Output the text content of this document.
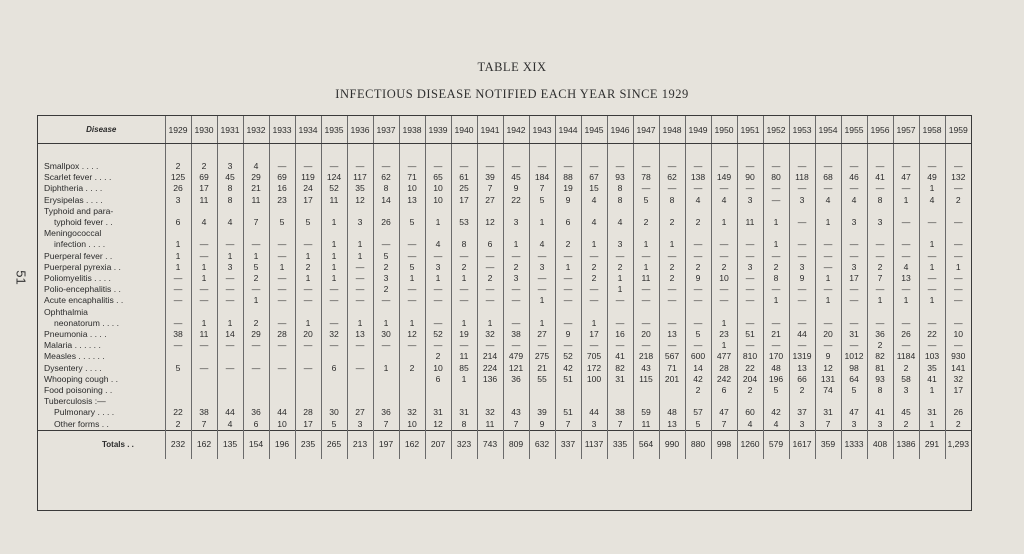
51
TABLE XIX
INFECTIOUS DISEASE NOTIFIED EACH YEAR SINCE 1929
Disease	1929	1930	1931	1932	1933	1934	1935	1936	1937	1938	1939	1940	1941	1942	1943	1944	1945	1946	1947	1948	1949	1950	1951	1952	1953	1954	1955	1956	1957	1958	1959

Smallpox . . . .	2	2	3	4	—	—	—	—	—	—	—	—	—	—	—	—	—	—	—	—	—	—	—	—	—	—	—	—	—	—	—
Scarlet fever . . . .	125	69	45	29	69	119	124	117	62	71	65	61	39	45	184	88	67	93	78	62	138	149	90	80	118	68	46	41	47	49	132
Diphtheria . . . .	26	17	8	21	16	24	52	35	8	10	10	25	7	9	7	19	15	8	—	—	—	—	—	—	—	—	—	—	—	1	—
Erysipelas . . . .	3	11	8	11	23	17	11	12	14	13	10	17	27	22	5	9	4	8	5	8	4	4	3	—	3	4	4	8	1	4	2
Typhoid and para-																															
typhoid fever . .	6	4	4	7	5	5	1	3	26	5	1	53	12	3	1	6	4	4	2	2	2	1	11	1	—	1	3	3	—	—	—
Meningococcal																															
infection . . . .	1	—	—	—	—	—	1	1	—	—	4	8	6	1	4	2	1	3	1	1	—	—	—	1	—	—	—	—	—	1	—
Puerperal fever . .	1	—	1	1	—	1	1	1	5	—	—	—	—	—	—	—	—	—	—	—	—	—	—	—	—	—	—	—	—	—	—
Puerperal pyrexia . .	1	1	3	5	1	2	1	—	2	5	3	2	—	2	3	1	2	2	1	2	2	2	3	2	3	—	3	2	4	1	1
Poliomyelitis . . . .	—	1	—	2	—	1	1	—	3	1	1	1	2	3	—	—	2	1	11	2	9	10	—	8	9	1	17	7	13	—	—
Polio-encephalitis . .	—	—	—	—	—	—	—	—	2	—	—	—	—	—	—	—	—	1	—	—	—	—	—	—	—	—	—	—	—	—	—
Acute encaphalitis . .	—	—	—	1	—	—	—	—	—	—	—	—	—	—	1	—	—	—	—	—	—	—	—	1	—	1	—	1	1	1	—
Ophthalmia																															
neonatorum . . . .	—	1	1	2	—	1	—	1	1	1	—	1	1	—	1	—	1	—	—	—	—	1	—	—	—	—	—	—	—	—	—
Pneumonia . . . .	38	11	14	29	28	20	32	13	30	12	52	19	32	38	27	9	17	16	20	13	5	23	51	21	44	20	31	36	26	22	10
Malaria . . . . . .	—	—	—	—	—	—	—	—	—	—	—	—	—	—	—	—	—	—	—	—	—	1	—	—	—	—	—	2	—	—	—
Measles . . . . . .											2	11	214	479	275	52	705	41	218	567	600	477	810	170	1319	9	1012	82	1184	103	930
Dysentery . . . .	5	—	—	—	—	—	6	—	1	2	10	85	224	121	21	42	172	82	43	71	14	28	22	48	13	12	98	81	2	35	141
Whooping cough . .											6	1	136	36	55	51	100	31	115	201	42	242	204	196	66	131	64	93	58	41	32
Food poisoning . .																					2	6	2	5	2	74	5	8	3	1	17
Tuberculosis :—																															
Pulmonary . . . .	22	38	44	36	44	28	30	27	36	32	31	31	32	43	39	51	44	38	59	48	57	47	60	42	37	31	47	41	45	31	26
Other forms . .	2	7	4	6	10	17	5	3	7	10	12	8	11	7	9	7	3	7	11	13	5	7	4	4	3	7	3	3	2	1	2
Totals . .	232	162	135	154	196	235	265	213	197	162	207	323	743	809	632	337	1137	335	564	990	880	998	1260	579	1617	359	1333	408	1386	291	1,293
